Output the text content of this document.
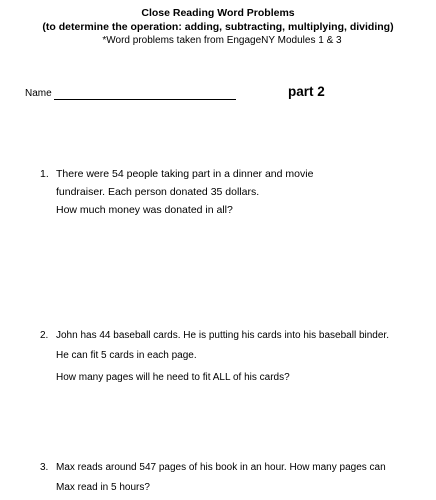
Close Reading Word Problems
(to determine the operation: adding, subtracting, multiplying, dividing)
*Word problems taken from EngageNY Modules 1 & 3
Name	part 2
1. There were 54 people taking part in a dinner and movie
fundraiser. Each person donated 35 dollars.
How much money was donated in all?
2. John has 44 baseball cards. He is putting his cards into his baseball binder.
He can fit 5 cards in each page.
How many pages will he need to fit ALL of his cards?
3. Max reads around 547 pages of his book in an hour. How many pages can
Max read in 5 hours?
